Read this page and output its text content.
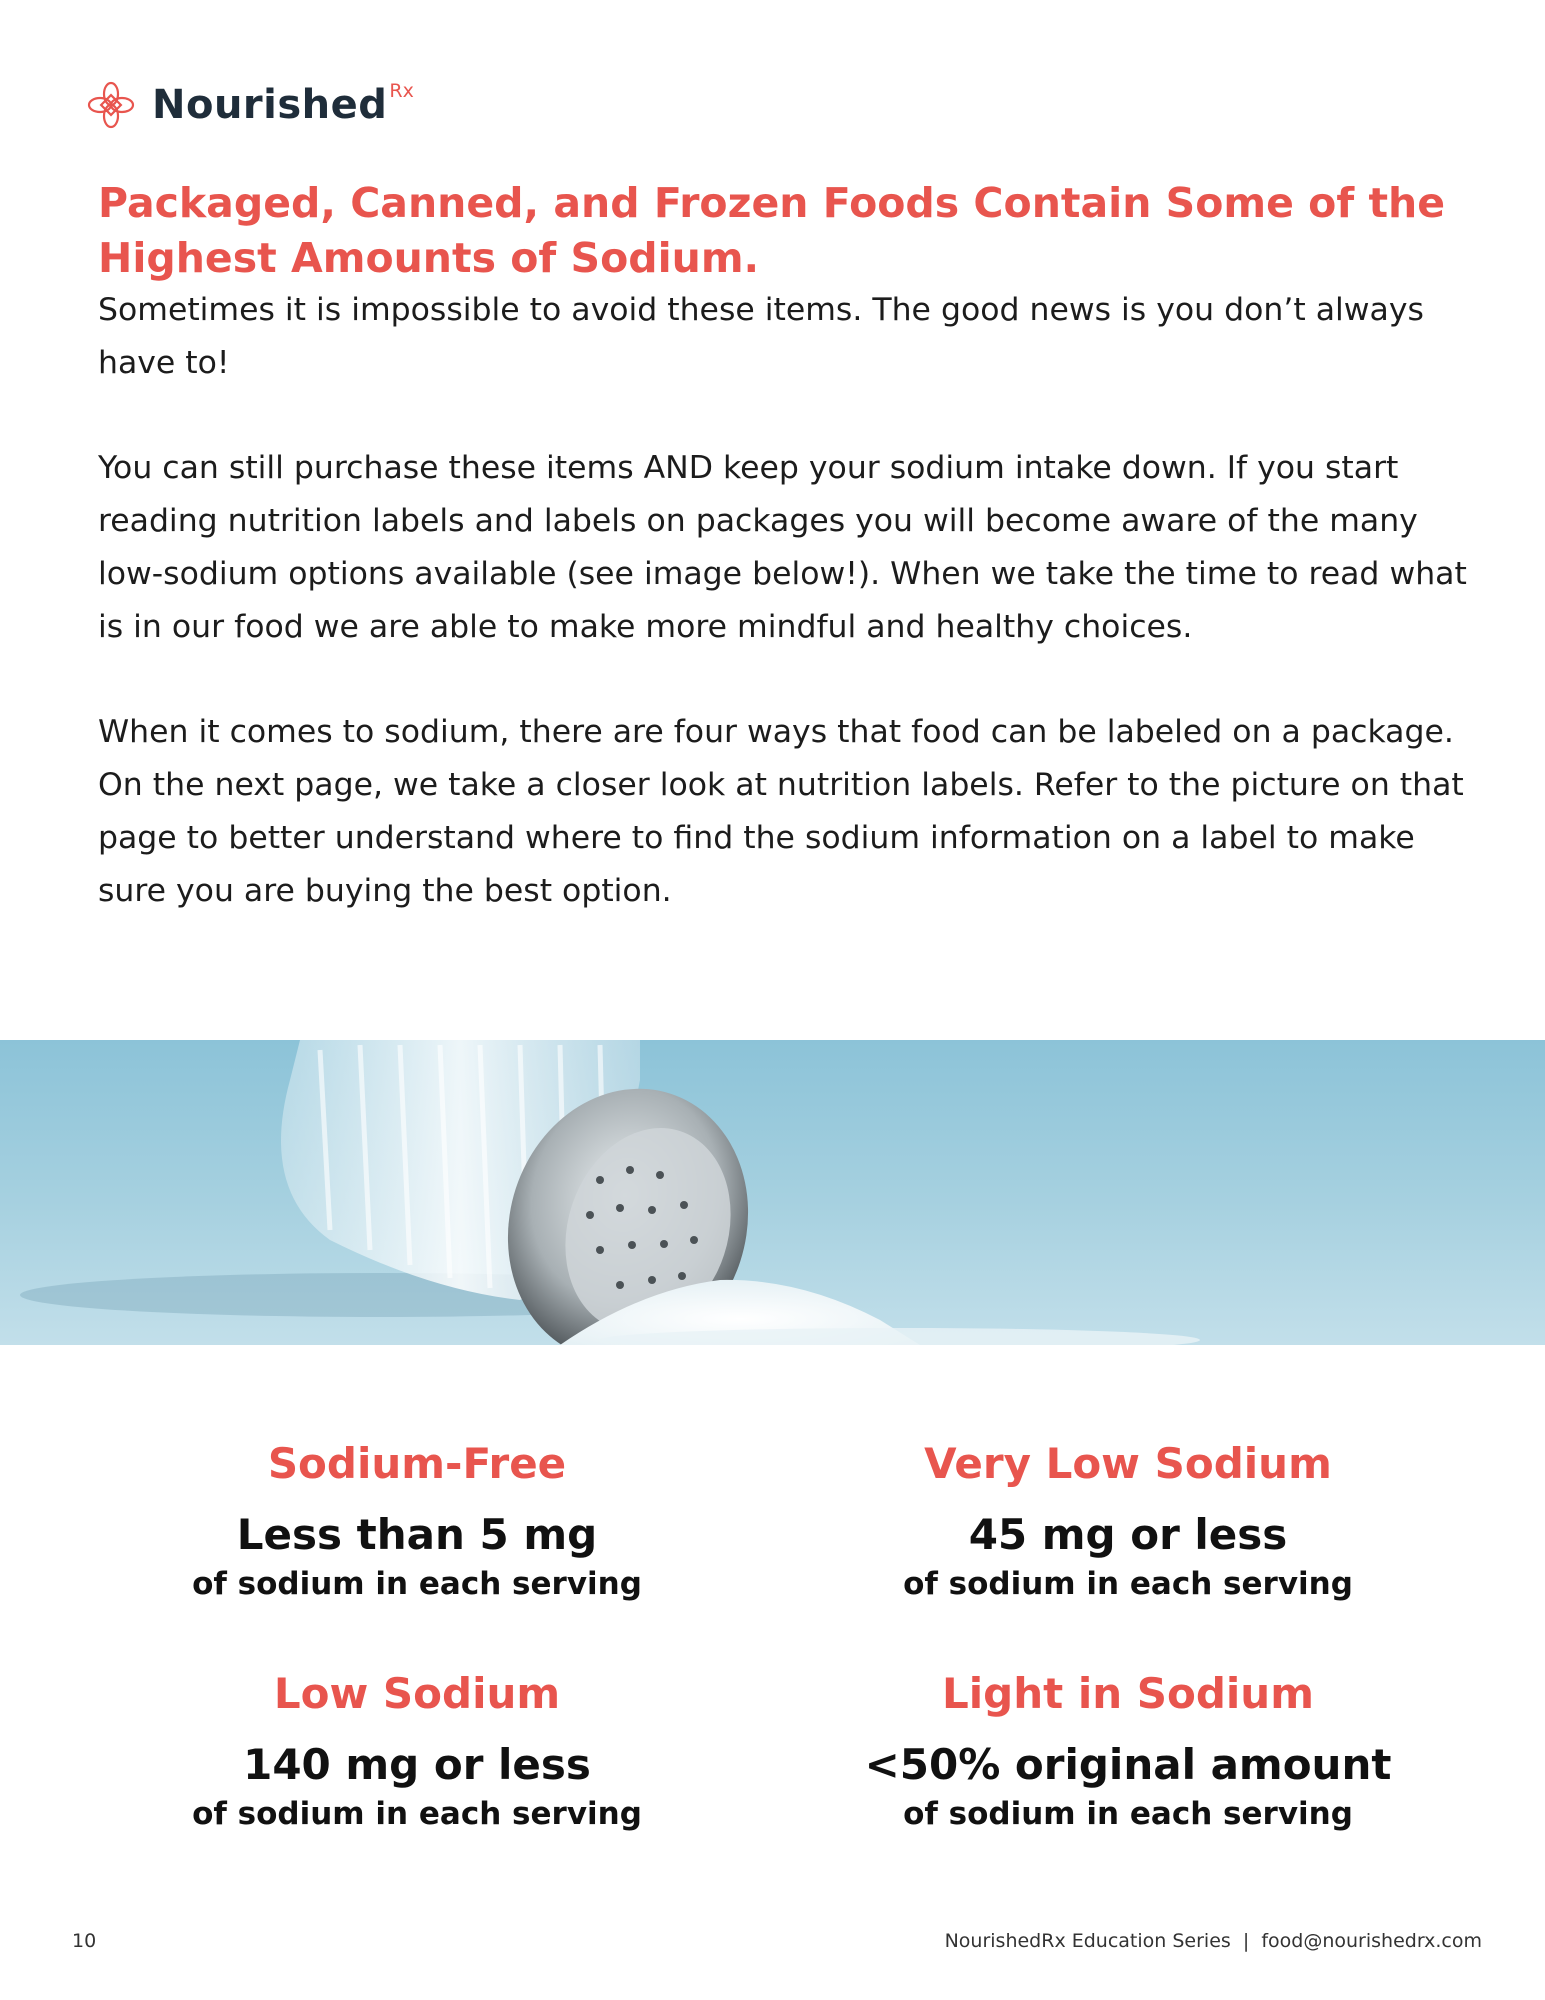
Nourished Rx
Packaged, Canned, and Frozen Foods Contain Some of the Highest Amounts of Sodium.

Sometimes it is impossible to avoid these items. The good news is you don’t always have to!

You can still purchase these items AND keep your sodium intake down. If you start reading nutrition labels and labels on packages you will become aware of the many low-sodium options available (see image below!). When we take the time to read what is in our food we are able to make more mindful and healthy choices.

When it comes to sodium, there are four ways that food can be labeled on a package. On the next page, we take a closer look at nutrition labels. Refer to the picture on that page to better understand where to find the sodium information on a label to make sure you are buying the best option.

Sodium-Free
Less than 5 mg
of sodium in each serving
Very Low Sodium
45 mg or less
of sodium in each serving
Low Sodium
140 mg or less
of sodium in each serving
Light in Sodium
<50% original amount
of sodium in each serving
10	NourishedRx Education Series  |  food@nourishedrx.com
